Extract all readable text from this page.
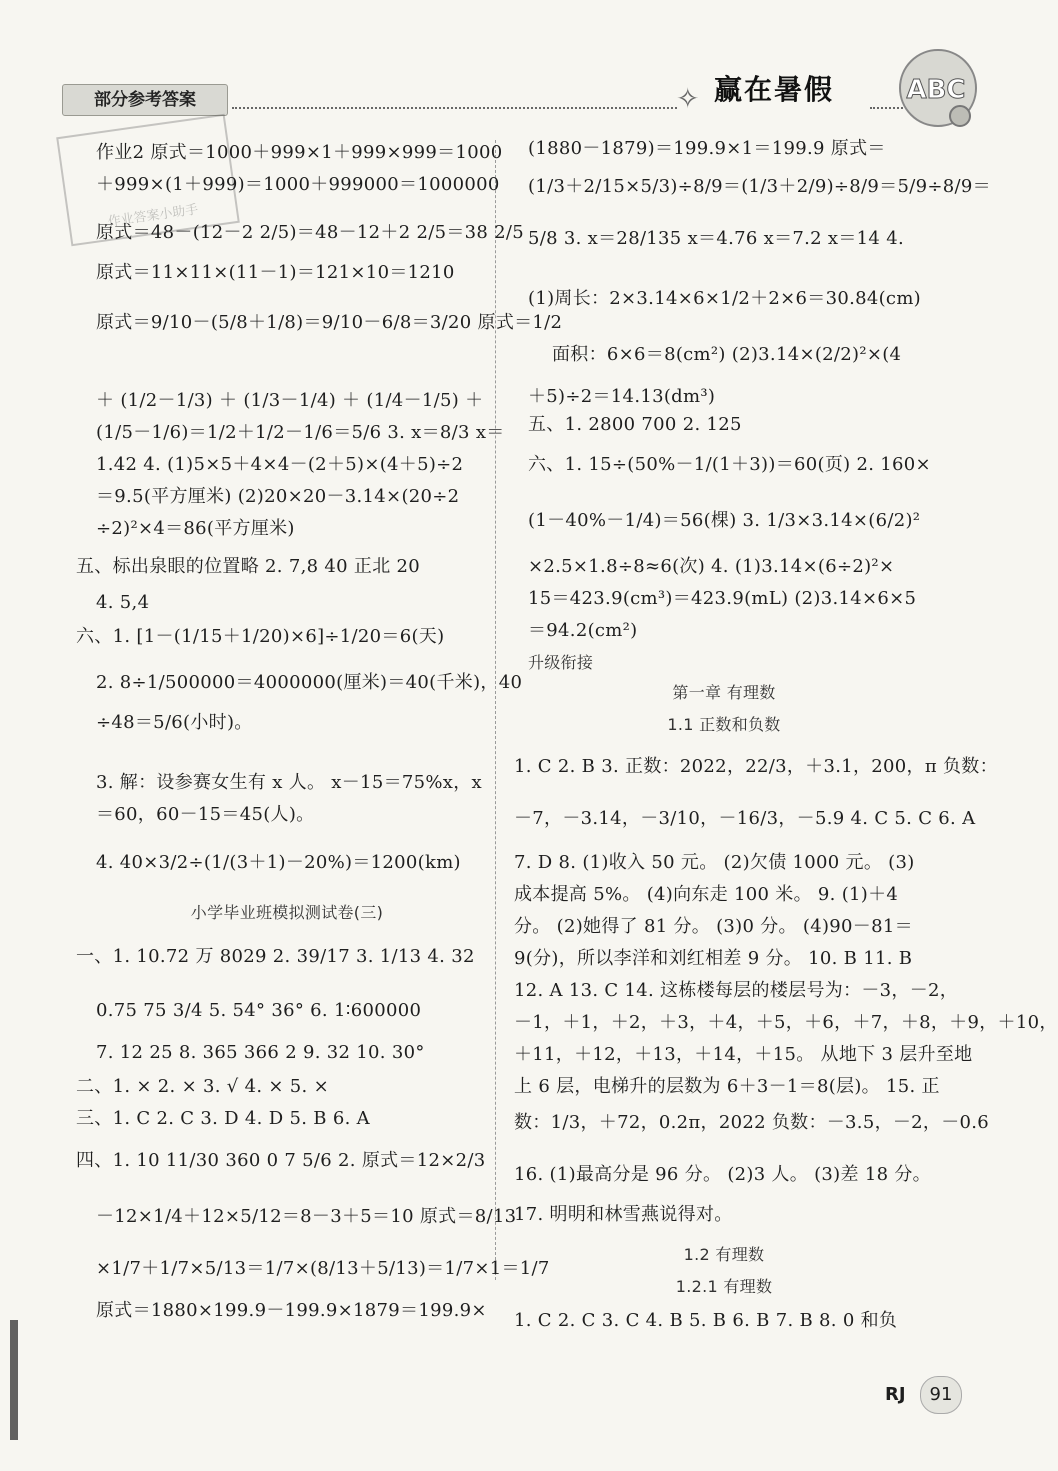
部分参考答案	✧ 赢在暑假	ABC
作业答案小助手
作业2 原式＝1000＋999×1＋999×999＝1000
＋999×(1＋999)＝1000＋999000＝1000000
原式＝48－(12－2 2/5)＝48－12＋2 2/5＝38 2/5
原式＝11×11×(11－1)＝121×10＝1210
原式＝9/10－(5/8＋1/8)＝9/10－6/8＝3/20 原式＝1/2
＋ (1/2－1/3) ＋ (1/3－1/4) ＋ (1/4－1/5) ＋
(1/5－1/6)＝1/2＋1/2－1/6＝5/6 3. x＝8/3 x＝
1.42 4. (1)5×5＋4×4－(2＋5)×(4＋5)÷2
＝9.5(平方厘米) (2)20×20－3.14×(20÷2
÷2)²×4＝86(平方厘米)
五、标出泉眼的位置略 2. 7,8 40 正北 20
4. 5,4
六、1. [1－(1/15＋1/20)×6]÷1/20＝6(天)
2. 8÷1/500000＝4000000(厘米)＝40(千米)，40
÷48＝5/6(小时)。
3. 解：设参赛女生有 x 人。 x－15＝75%x，x
＝60，60－15＝45(人)。
4. 40×3/2÷(1/(3＋1)－20%)＝1200(km)
小学毕业班模拟测试卷(三)
一、1. 10.72 万 8029 2. 39/17 3. 1/13 4. 32
0.75 75 3/4 5. 54° 36° 6. 1∶600000
7. 12 25 8. 365 366 2 9. 32 10. 30°
二、1. × 2. × 3. √ 4. × 5. ×
三、1. C 2. C 3. D 4. D 5. B 6. A
四、1. 10 11/30 360 0 7 5/6 2. 原式＝12×2/3
－12×1/4＋12×5/12＝8－3＋5＝10 原式＝8/13
×1/7＋1/7×5/13＝1/7×(8/13＋5/13)＝1/7×1＝1/7
原式＝1880×199.9－199.9×1879＝199.9×
(1880－1879)＝199.9×1＝199.9 原式＝
(1/3＋2/15×5/3)÷8/9＝(1/3＋2/9)÷8/9＝5/9÷8/9＝
5/8 3. x＝28/135 x＝4.76 x＝7.2 x＝14 4.
(1)周长：2×3.14×6×1/2＋2×6＝30.84(cm)
面积：6×6＝8(cm²) (2)3.14×(2/2)²×(4
＋5)÷2＝14.13(dm³)
五、1. 2800 700 2. 125
六、1. 15÷(50%－1/(1＋3))＝60(页) 2. 160×
(1－40%－1/4)＝56(棵) 3. 1/3×3.14×(6/2)²
×2.5×1.8÷8≈6(次) 4. (1)3.14×(6÷2)²×
15＝423.9(cm³)＝423.9(mL) (2)3.14×6×5
＝94.2(cm²)
升级衔接
第一章 有理数
1.1 正数和负数
1. C 2. B 3. 正数：2022，22/3，＋3.1，200，π 负数：
－7，－3.14，－3/10，－16/3，－5.9 4. C 5. C 6. A
7. D 8. (1)收入 50 元。 (2)欠债 1000 元。 (3)
成本提高 5%。 (4)向东走 100 米。 9. (1)＋4
分。 (2)她得了 81 分。 (3)0 分。 (4)90－81＝
9(分)，所以李洋和刘红相差 9 分。 10. B 11. B
12. A 13. C 14. 这栋楼每层的楼层号为：－3，－2，
－1，＋1，＋2，＋3，＋4，＋5，＋6，＋7，＋8，＋9，＋10，
＋11，＋12，＋13，＋14，＋15。 从地下 3 层升至地
上 6 层，电梯升的层数为 6＋3－1＝8(层)。 15. 正
数：1/3，＋72，0.2π，2022 负数：－3.5，－2，－0.6
16. (1)最高分是 96 分。 (2)3 人。 (3)差 18 分。
17. 明明和林雪燕说得对。
1.2 有理数
1.2.1 有理数
1. C 2. C 3. C 4. B 5. B 6. B 7. B 8. 0 和负
RJ	91
